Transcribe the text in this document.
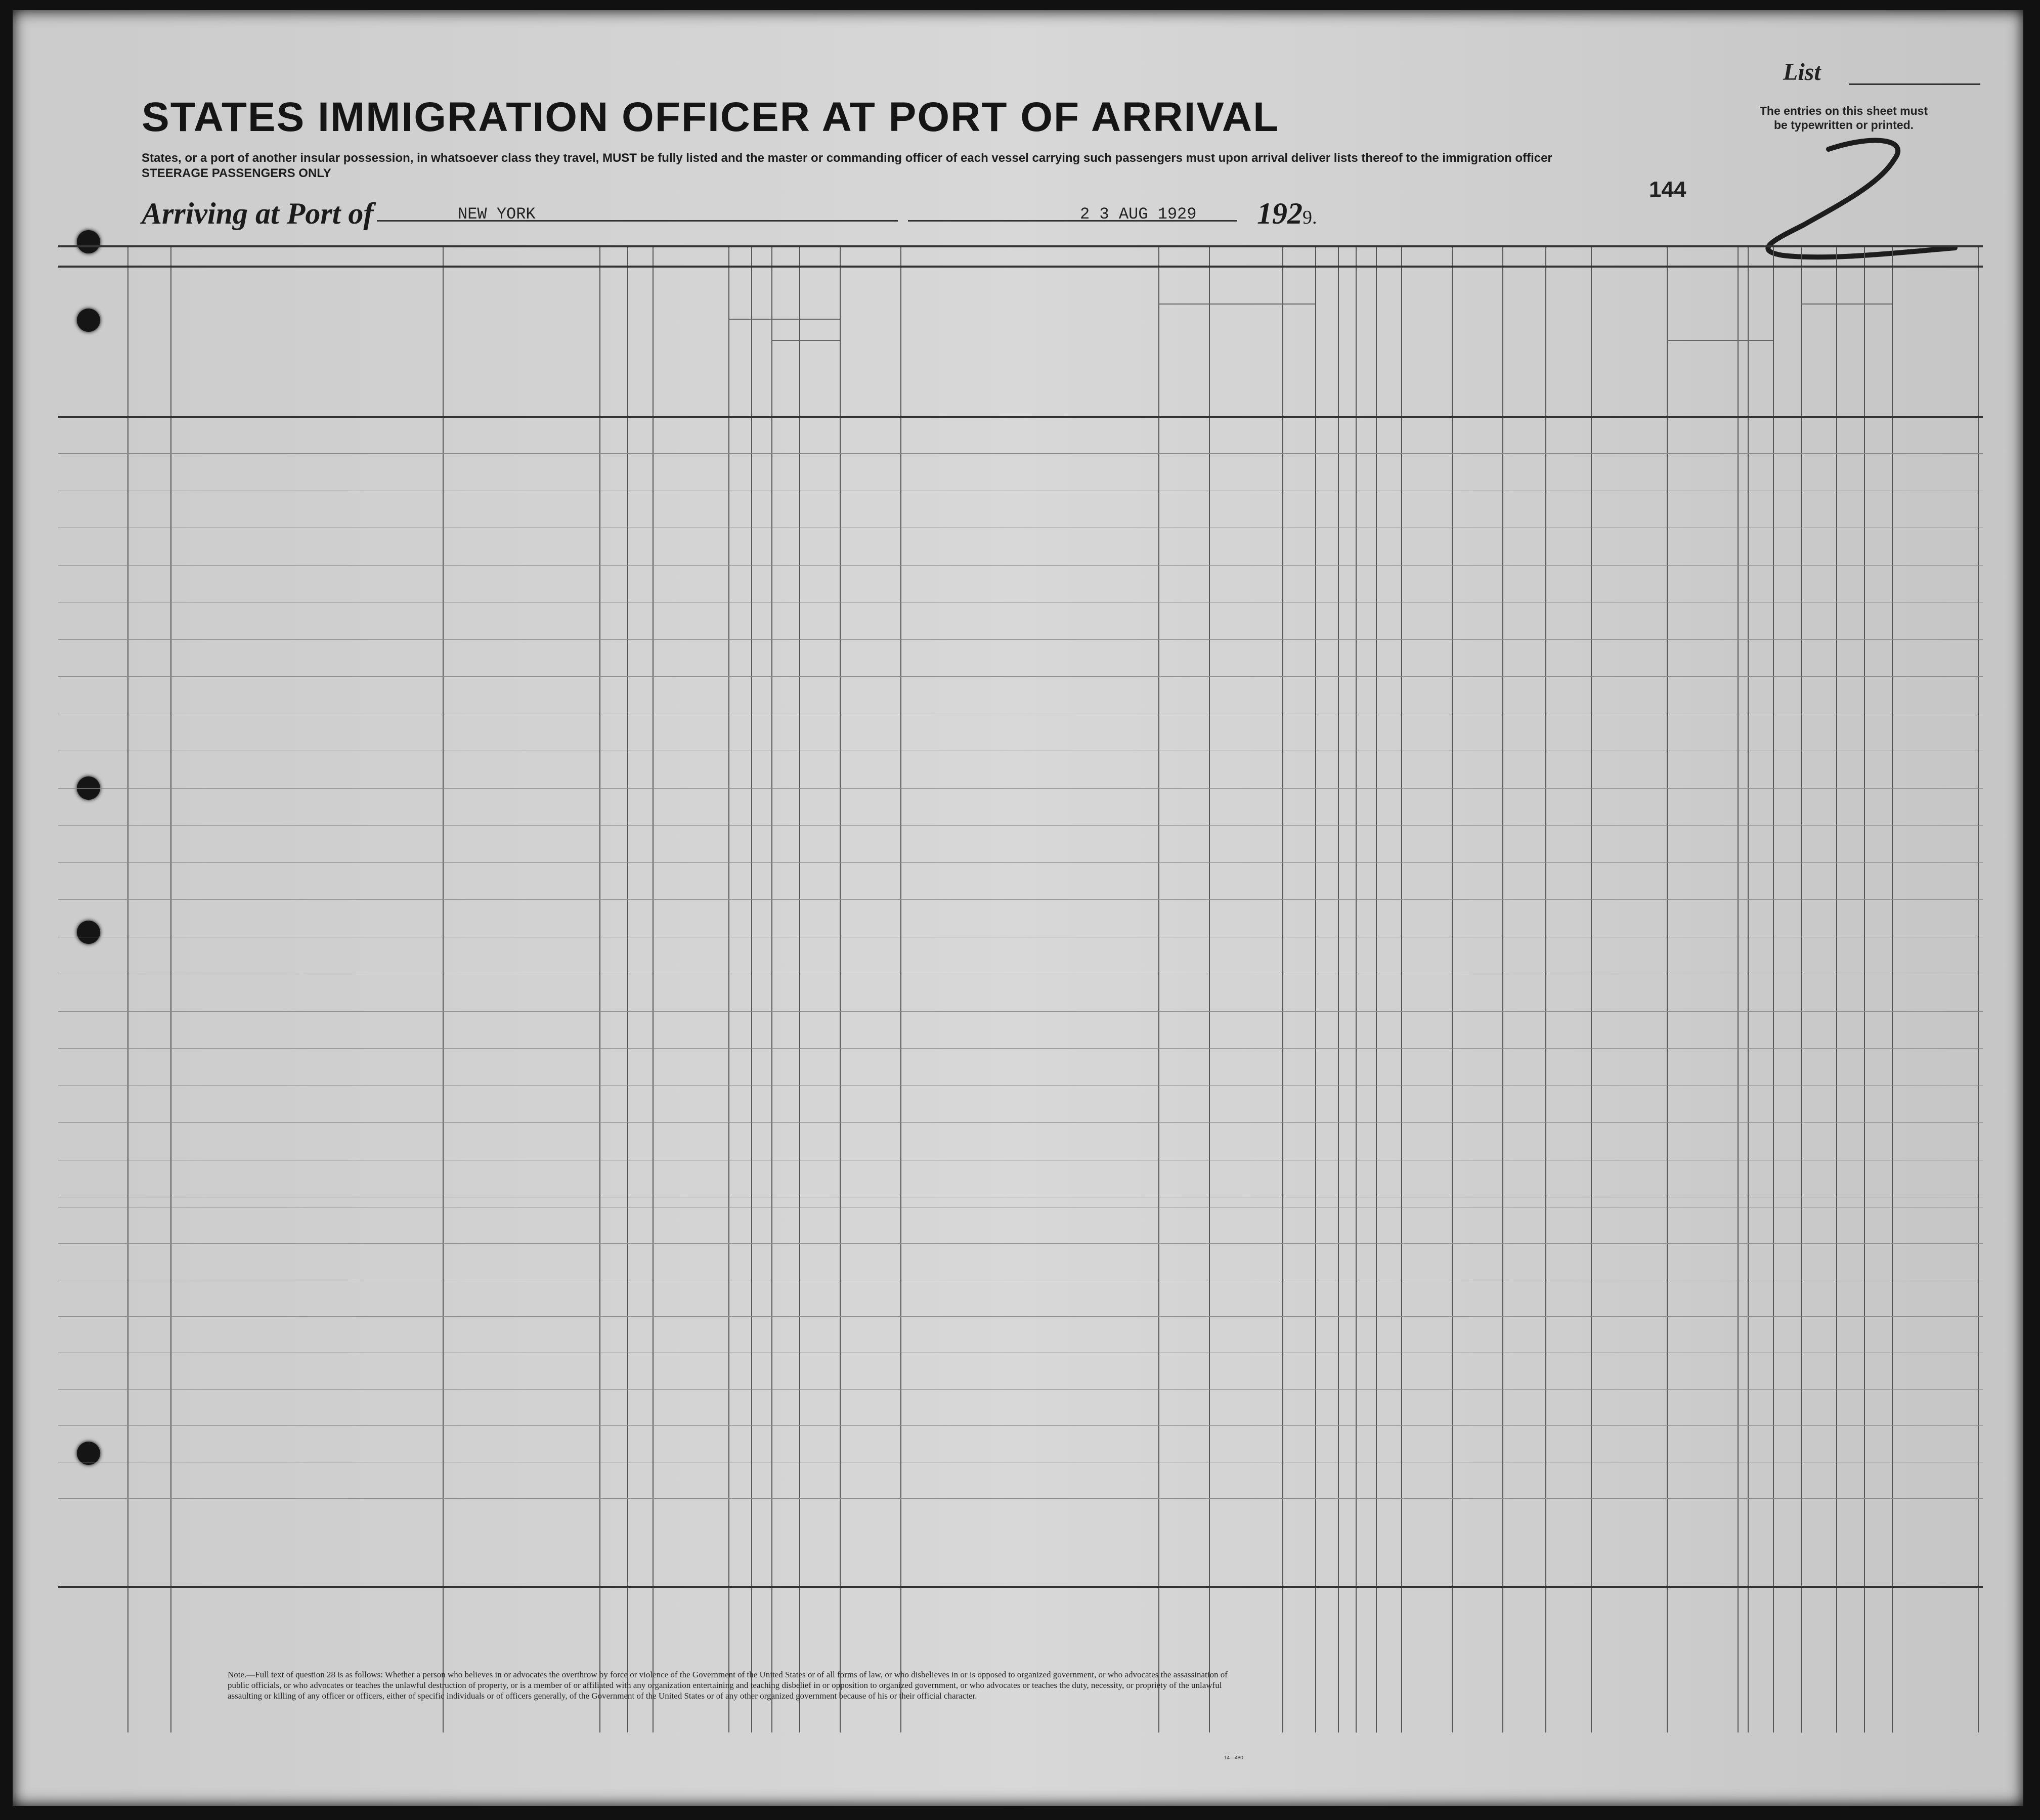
STATES IMMIGRATION OFFICER AT PORT OF ARRIVAL
List
The entries on this sheet must
be typewritten or printed.
States, or a port of another insular possession, in whatsoever class they travel, MUST be fully listed and the master or commanding officer of each vessel carrying such passengers must upon arrival deliver lists thereof to the immigration officer
STEERAGE PASSENGERS ONLY
Arriving at Port of	NEW YORK	2 3 AUG 1929 1929.
144
Note.—Full text of question 28 is as follows: Whether a person who believes in or advocates the overthrow by force or violence of the Government of the United States or of all forms of law, or who disbelieves in or is opposed to organized government, or who advocates the assassination of public officials, or who advocates or teaches the unlawful destruction of property, or is a member of or affiliated with any organization entertaining and teaching disbelief in or opposition to organized government, or who advocates or teaches the duty, necessity, or propriety of the unlawful assaulting or killing of any officer or officers, either of specific individuals or of officers generally, of the Government of the United States or of any other organized government because of his or their official character.
14—480
